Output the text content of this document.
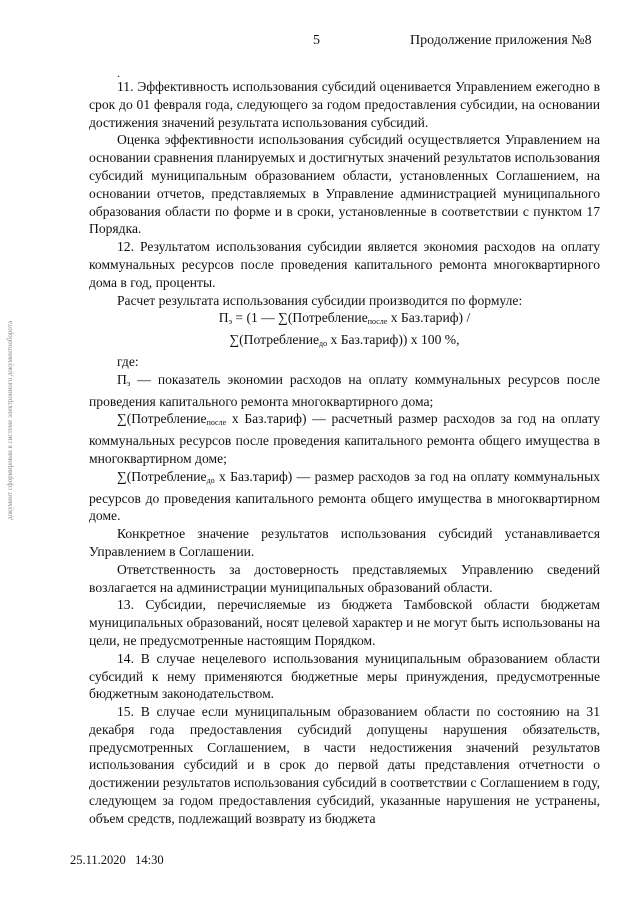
5	Продолжение приложения №8
.

11. Эффективность использования субсидий оценивается Управлением ежегодно в срок до 01 февраля года, следующего за годом предоставления субсидии, на основании достижения значений результата использования субсидий.

Оценка эффективности использования субсидий осуществляется Управлением на основании сравнения планируемых и достигнутых значений результатов использования субсидий муниципальным образованием области, установленных Соглашением, на основании отчетов, представляемых в Управление администрацией муниципального образования области по форме и в сроки, установленные в соответствии с пунктом 17 Порядка.

12. Результатом использования субсидии является экономия расходов на оплату коммунальных ресурсов после проведения капитального ремонта многоквартирного дома в год, проценты.

Расчет результата использования субсидии производится по формуле:

$П_э = (1$ — ∑(Потребление$_{после}$ х Баз.тариф) /

∑(Потребление$_{до}$ х Баз.тариф)) х 100 %,

где:

$П_э$ — показатель экономии расходов на оплату коммунальных ресурсов после проведения капитального ремонта многоквартирного дома;

∑(Потребление$_{после}$ х Баз.тариф) — расчетный размер расходов за год на оплату коммунальных ресурсов после проведения капитального ремонта общего имущества в многоквартирном доме;

∑(Потребление$_{до}$ х Баз.тариф) — размер расходов за год на оплату коммунальных ресурсов до проведения капитального ремонта общего имущества в многоквартирном доме.

Конкретное значение результатов использования субсидий устанавливается Управлением в Соглашении.

Ответственность за достоверность представляемых Управлению сведений возлагается на администрации муниципальных образований области.

13. Субсидии, перечисляемые из бюджета Тамбовской области бюджетам муниципальных образований, носят целевой характер и не могут быть использованы на цели, не предусмотренные настоящим Порядком.

14. В случае нецелевого использования муниципальным образованием области субсидий к нему применяются бюджетные меры принуждения, предусмотренные бюджетным законодательством.

15. В случае если муниципальным образованием области по состоянию на 31 декабря года предоставления субсидий допущены нарушения обязательств, предусмотренных Соглашением, в части недостижения значений результатов использования субсидий и в срок до первой даты представления отчетности о достижении результатов использования субсидий в соответствии с Соглашением в году, следующем за годом предоставления субсидий, указанные нарушения не устранены, объем средств, подлежащий возврату из бюджета

25.11.2020 14:30
документ сформирован в системе электронного документооборота
